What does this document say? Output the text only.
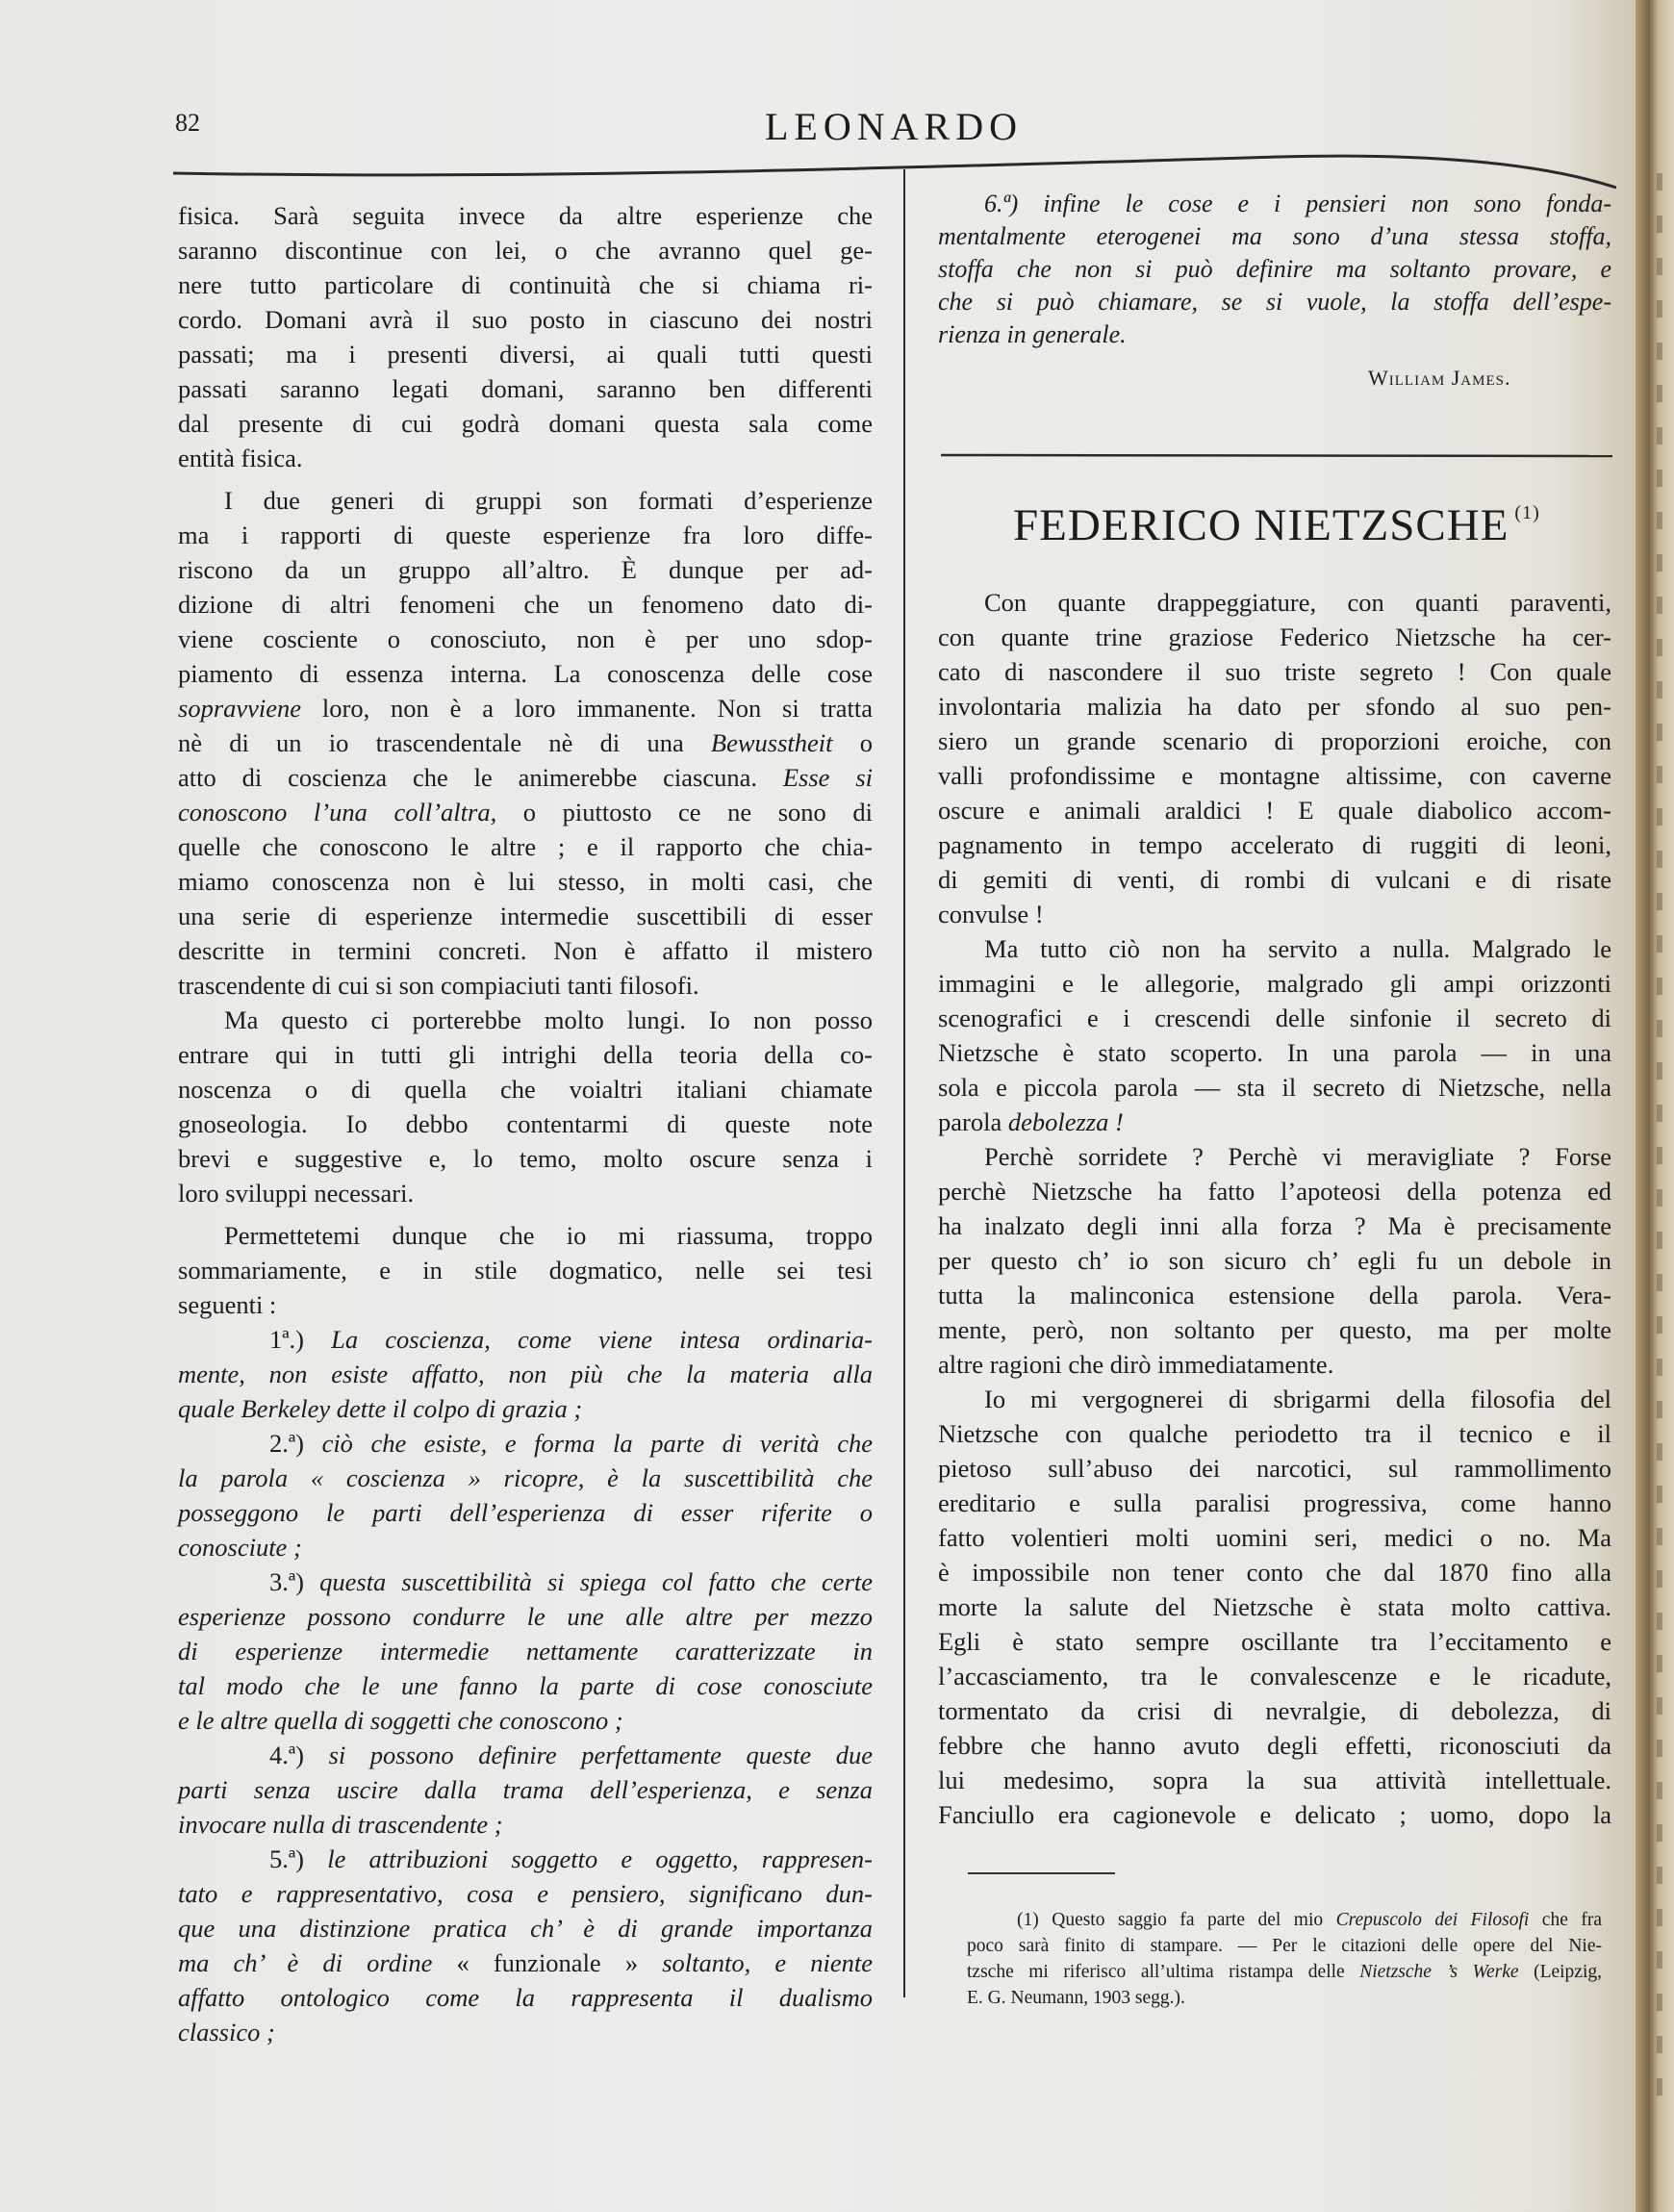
82	LEONARDO
fisica. Sarà seguita invece da altre esperienze che
saranno discontinue con lei, o che avranno quel ge-
nere tutto particolare di continuità che si chiama ri-
cordo. Domani avrà il suo posto in ciascuno dei nostri
passati; ma i presenti diversi, ai quali tutti questi
passati saranno legati domani, saranno ben differenti
dal presente di cui godrà domani questa sala come
entità fisica.
I due generi di gruppi son formati d’esperienze
ma i rapporti di queste esperienze fra loro diffe-
riscono da un gruppo all’altro. È dunque per ad-
dizione di altri fenomeni che un fenomeno dato di-
viene cosciente o conosciuto, non è per uno sdop-
piamento di essenza interna. La conoscenza delle cose
sopravviene loro, non è a loro immanente. Non si tratta
nè di un io trascendentale nè di una Bewusstheit o
atto di coscienza che le animerebbe ciascuna. Esse si
conoscono l’una coll’altra, o piuttosto ce ne sono di
quelle che conoscono le altre ; e il rapporto che chia-
miamo conoscenza non è lui stesso, in molti casi, che
una serie di esperienze intermedie suscettibili di esser
descritte in termini concreti. Non è affatto il mistero
trascendente di cui si son compiaciuti tanti filosofi.
Ma questo ci porterebbe molto lungi. Io non posso
entrare qui in tutti gli intrighi della teoria della co-
noscenza o di quella che voialtri italiani chiamate
gnoseologia. Io debbo contentarmi di queste note
brevi e suggestive e, lo temo, molto oscure senza i
loro sviluppi necessari.
Permettetemi dunque che io mi riassuma, troppo
sommariamente, e in stile dogmatico, nelle sei tesi
seguenti :
1ª.) La coscienza, come viene intesa ordinaria-
mente, non esiste affatto, non più che la materia alla
quale Berkeley dette il colpo di grazia ;
2.ª) ciò che esiste, e forma la parte di verità che
la parola « coscienza » ricopre, è la suscettibilità che
posseggono le parti dell’esperienza di esser riferite o
conosciute ;
3.ª) questa suscettibilità si spiega col fatto che certe
esperienze possono condurre le une alle altre per mezzo
di esperienze intermedie nettamente caratterizzate in
tal modo che le une fanno la parte di cose conosciute
e le altre quella di soggetti che conoscono ;
4.ª) si possono definire perfettamente queste due
parti senza uscire dalla trama dell’esperienza, e senza
invocare nulla di trascendente ;
5.ª) le attribuzioni soggetto e oggetto, rappresen-
tato e rappresentativo, cosa e pensiero, significano dun-
que una distinzione pratica ch’ è di grande importanza
ma ch’ è di ordine « funzionale » soltanto, e niente
affatto ontologico come la rappresenta il dualismo
classico ;
6.ª) infine le cose e i pensieri non sono fonda-
mentalmente eterogenei ma sono d’una stessa stoffa,
stoffa che non si può definire ma soltanto provare, e
che si può chiamare, se si vuole, la stoffa dell’espe-
rienza in generale.
William James.
FEDERICO NIETZSCHE $^{(1)}$
Con quante drappeggiature, con quanti paraventi,
con quante trine graziose Federico Nietzsche ha cer-
cato di nascondere il suo triste segreto ! Con quale
involontaria malizia ha dato per sfondo al suo pen-
siero un grande scenario di proporzioni eroiche, con
valli profondissime e montagne altissime, con caverne
oscure e animali araldici ! E quale diabolico accom-
pagnamento in tempo accelerato di ruggiti di leoni,
di gemiti di venti, di rombi di vulcani e di risate
convulse !
Ma tutto ciò non ha servito a nulla. Malgrado le
immagini e le allegorie, malgrado gli ampi orizzonti
scenografici e i crescendi delle sinfonie il secreto di
Nietzsche è stato scoperto. In una parola — in una
sola e piccola parola — sta il secreto di Nietzsche, nella
parola debolezza !
Perchè sorridete ? Perchè vi meravigliate ? Forse
perchè Nietzsche ha fatto l’apoteosi della potenza ed
ha inalzato degli inni alla forza ? Ma è precisamente
per questo ch’ io son sicuro ch’ egli fu un debole in
tutta la malinconica estensione della parola. Vera-
mente, però, non soltanto per questo, ma per molte
altre ragioni che dirò immediatamente.
Io mi vergognerei di sbrigarmi della filosofia del
Nietzsche con qualche periodetto tra il tecnico e il
pietoso sull’abuso dei narcotici, sul rammollimento
ereditario e sulla paralisi progressiva, come hanno
fatto volentieri molti uomini seri, medici o no. Ma
è impossibile non tener conto che dal 1870 fino alla
morte la salute del Nietzsche è stata molto cattiva.
Egli è stato sempre oscillante tra l’eccitamento e
l’accasciamento, tra le convalescenze e le ricadute,
tormentato da crisi di nevralgie, di debolezza, di
febbre che hanno avuto degli effetti, riconosciuti da
lui medesimo, sopra la sua attività intellettuale.
Fanciullo era cagionevole e delicato ; uomo, dopo la
(1) Questo saggio fa parte del mio Crepuscolo dei Filosofi che fra
poco sarà finito di stampare. — Per le citazioni delle opere del Nie-
tzsche mi riferisco all’ultima ristampa delle Nietzsche ’s Werke (Leipzig,
E. G. Neumann, 1903 segg.).
